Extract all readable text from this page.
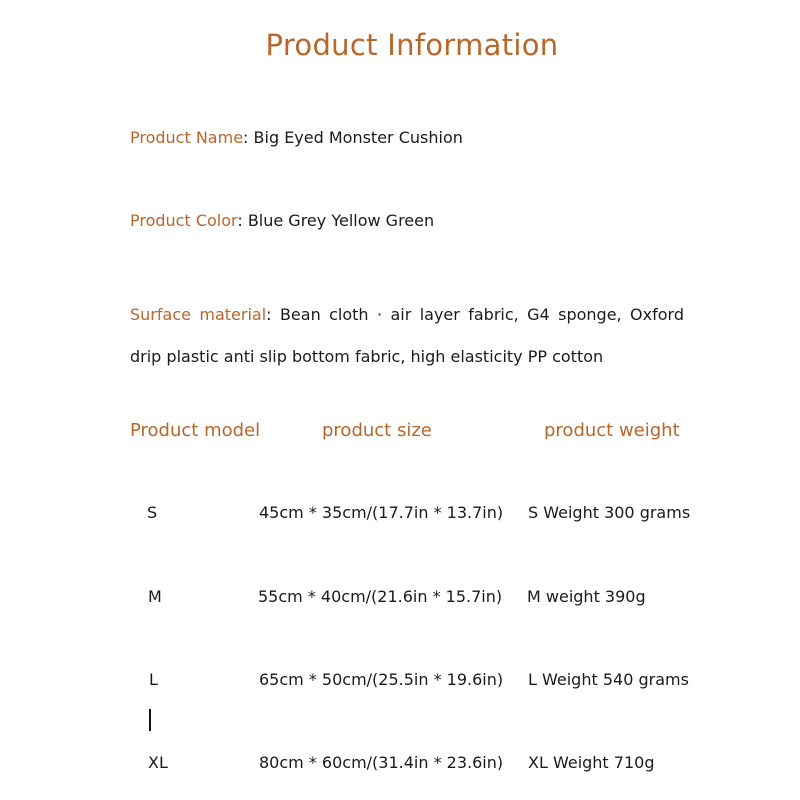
Product Information
Product Name: Big Eyed Monster Cushion
Product Color: Blue Grey Yellow Green
Surface material: Bean cloth · air layer fabric, G4 sponge, Oxford drip plastic anti slip bottom fabric, high elasticity PP cotton
Product model	product size	product weight
S	45cm * 35cm/(17.7in * 13.7in) S Weight 300 grams
M	55cm * 40cm/(21.6in * 15.7in) M weight 390g
L	65cm * 50cm/(25.5in * 19.6in) L Weight 540 grams
XL	80cm * 60cm/(31.4in * 23.6in) XL Weight 710g
